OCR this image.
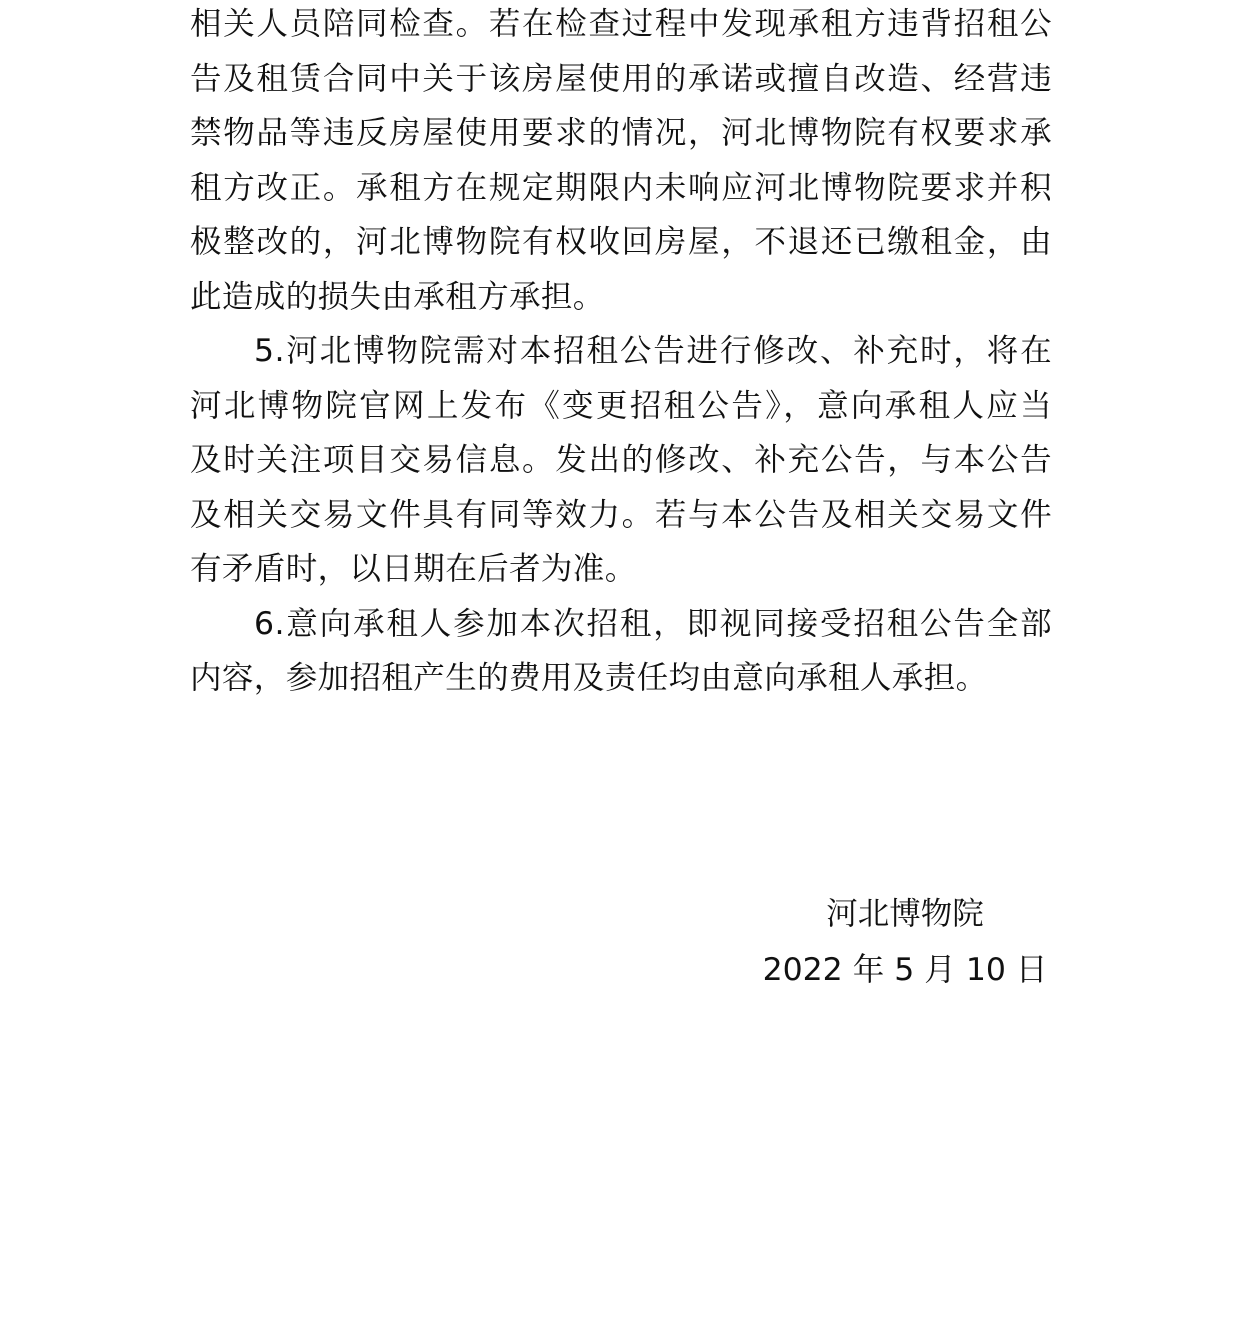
相关人员陪同检查。若在检查过程中发现承租方违背招租公
告及租赁合同中关于该房屋使用的承诺或擅自改造、经营违
禁物品等违反房屋使用要求的情况，河北博物院有权要求承
租方改正。承租方在规定期限内未响应河北博物院要求并积
极整改的，河北博物院有权收回房屋，不退还已缴租金，由
此造成的损失由承租方承担。
5.河北博物院需对本招租公告进行修改、补充时，将在
河北博物院官网上发布《变更招租公告》，意向承租人应当
及时关注项目交易信息。发出的修改、补充公告，与本公告
及相关交易文件具有同等效力。若与本公告及相关交易文件
有矛盾时，以日期在后者为准。
6.意向承租人参加本次招租，即视同接受招租公告全部
内容，参加招租产生的费用及责任均由意向承租人承担。
河北博物院
2022 年 5 月 10 日
